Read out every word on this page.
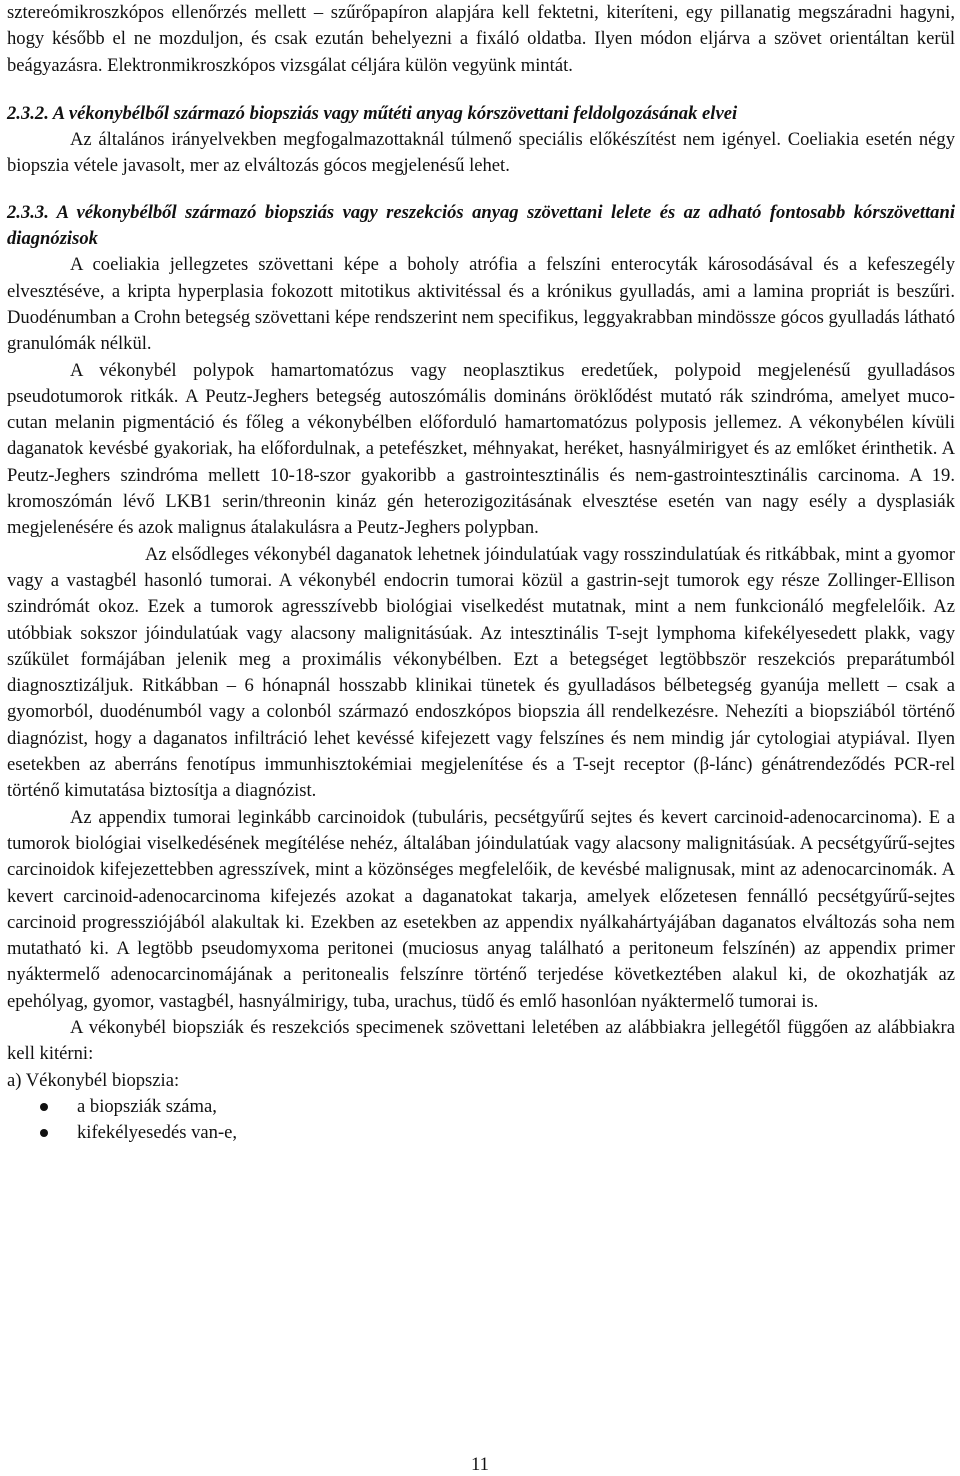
sztereómikroszkópos ellenőrzés mellett – szűrőpapíron alapjára kell fektetni, kiteríteni, egy pillanatig megszáradni hagyni, hogy később el ne mozduljon, és csak ezután behelyezni a fixáló oldatba. Ilyen módon eljárva a szövet orientáltan kerül beágyazásra. Elektronmikroszkópos vizsgálat céljára külön vegyünk mintát.

2.3.2. A vékonybélből származó biopsziás vagy műtéti anyag kórszövettani feldolgozásának elvei

Az általános irányelvekben megfogalmazottaknál túlmenő speciális előkészítést nem igényel. Coeliakia esetén négy biopszia vétele javasolt, mer az elváltozás gócos megjelenésű lehet.

2.3.3. A vékonybélből származó biopsziás vagy reszekciós anyag szövettani lelete és az adható fontosabb kórszövettani diagnózisok

A coeliakia jellegzetes szövettani képe a boholy atrófia a felszíni enterocyták károsodásával és a kefeszegély elvesztéséve, a kripta hyperplasia fokozott mitotikus aktivitéssal és a krónikus gyulladás, ami a lamina propriát is beszűri. Duodénumban a Crohn betegség szövettani képe rendszerint nem specifikus, leggyakrabban mindössze gócos gyulladás látható granulómák nélkül.

A vékonybél polypok hamartomatózus vagy neoplasztikus eredetűek, polypoid megjelenésű gyulladásos pseudotumorok ritkák. A Peutz-Jeghers betegség autoszómális domináns öröklődést mutató rák szindróma, amelyet muco-cutan melanin pigmentáció és főleg a vékonybélben előforduló hamartomatózus polyposis jellemez. A vékonybélen kívüli daganatok kevésbé gyakoriak, ha előfordulnak, a petefészket, méhnyakat, heréket, hasnyálmirigyet és az emlőket érinthetik. A Peutz-Jeghers szindróma mellett 10-18-szor gyakoribb a gastrointesztinális és nem-gastrointesztinális carcinoma. A 19. kromoszómán lévő LKB1 serin/threonin kináz gén heterozigozitásának elvesztése esetén van nagy esély a dysplasiák megjelenésére és azok malignus átalakulásra a Peutz-Jeghers polypban.

Az elsődleges vékonybél daganatok lehetnek jóindulatúak vagy rosszindulatúak és ritkábbak, mint a gyomor vagy a vastagbél hasonló tumorai. A vékonybél endocrin tumorai közül a gastrin-sejt tumorok egy része Zollinger-Ellison szindrómát okoz. Ezek a tumorok agresszívebb biológiai viselkedést mutatnak, mint a nem funkcionáló megfelelőik. Az utóbbiak sokszor jóindulatúak vagy alacsony malignitásúak. Az intesztinális T-sejt lymphoma kifekélyesedett plakk, vagy szűkület formájában jelenik meg a proximális vékonybélben. Ezt a betegséget legtöbbször reszekciós preparátumból diagnosztizáljuk. Ritkábban – 6 hónapnál hosszabb klinikai tünetek és gyulladásos bélbetegség gyanúja mellett – csak a gyomorból, duodénumból vagy a colonból származó endoszkópos biopszia áll rendelkezésre. Nehezíti a biopsziából történő diagnózist, hogy a daganatos infiltráció lehet kevéssé kifejezett vagy felszínes és nem mindig jár cytologiai atypiával. Ilyen esetekben az aberráns fenotípus immunhisztokémiai megjelenítése és a T-sejt receptor (β-lánc) génátrendeződés PCR-rel történő kimutatása biztosítja a diagnózist.

Az appendix tumorai leginkább carcinoidok (tubuláris, pecsétgyűrű sejtes és kevert carcinoid-adenocarcinoma). E a tumorok biológiai viselkedésének megítélése nehéz, általában jóindulatúak vagy alacsony malignitásúak. A pecsétgyűrű-sejtes carcinoidok kifejezettebben agresszívek, mint a közönséges megfelelőik, de kevésbé malignusak, mint az adenocarcinomák. A kevert carcinoid-adenocarcinoma kifejezés azokat a daganatokat takarja, amelyek előzetesen fennálló pecsétgyűrű-sejtes carcinoid progressziójából alakultak ki. Ezekben az esetekben az appendix nyálkahártyájában daganatos elváltozás soha nem mutatható ki. A legtöbb pseudomyxoma peritonei (muciosus anyag található a peritoneum felszínén) az appendix primer nyáktermelő adenocarcinomájának a peritonealis felszínre történő terjedése következtében alakul ki, de okozhatják az epehólyag, gyomor, vastagbél, hasnyálmirigy, tuba, urachus, tüdő és emlő hasonlóan nyáktermelő tumorai is.

A vékonybél biopsziák és reszekciós specimenek szövettani leletében az alábbiakra jellegétől függően az alábbiakra kell kitérni:

a) Vékonybél biopszia:

a biopsziák száma,
kifekélyesedés van-e,
11
